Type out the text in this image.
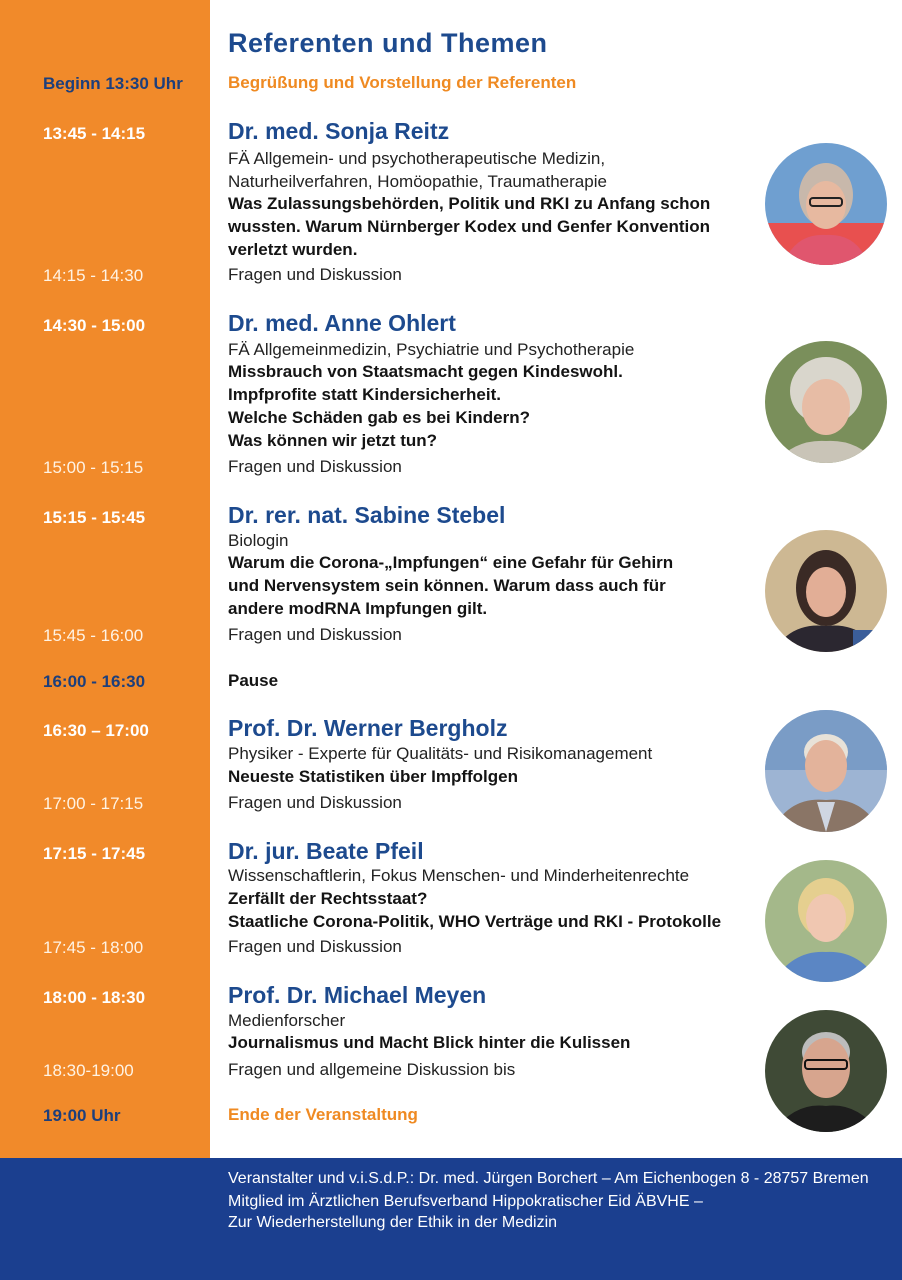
Referenten und Themen
Beginn 13:30 Uhr	Begrüßung und Vorstellung der Referenten
13:45 - 14:15	Dr. med. Sonja Reitz
FÄ Allgemein- und psychotherapeutische Medizin,
Naturheilverfahren, Homöopathie, Traumatherapie
Was Zulassungsbehörden, Politik und RKI zu Anfang schon
wussten. Warum Nürnberger Kodex und Genfer Konvention
verletzt wurden.
14:15 - 14:30	Fragen und Diskussion
14:30 - 15:00	Dr. med. Anne Ohlert
FÄ Allgemeinmedizin, Psychiatrie und Psychotherapie
Missbrauch von Staatsmacht gegen Kindeswohl.
Impfprofite statt Kindersicherheit.
Welche Schäden gab es bei Kindern?
Was können wir jetzt tun?
15:00 - 15:15	Fragen und Diskussion
15:15 - 15:45	Dr. rer. nat. Sabine Stebel
Biologin
Warum die Corona-„Impfungen“ eine Gefahr für Gehirn
und Nervensystem sein können. Warum dass auch für
andere modRNA Impfungen gilt.
15:45 - 16:00	Fragen und Diskussion
16:00 - 16:30	Pause
16:30 – 17:00	Prof. Dr. Werner Bergholz
Physiker - Experte für Qualitäts- und Risikomanagement
Neueste Statistiken über Impffolgen
17:00 - 17:15	Fragen und Diskussion
17:15 - 17:45	Dr. jur. Beate Pfeil
Wissenschaftlerin, Fokus Menschen- und Minderheitenrechte
Zerfällt der Rechtsstaat?
Staatliche Corona-Politik, WHO Verträge und RKI - Protokolle
17:45 - 18:00	Fragen und Diskussion
18:00 - 18:30	Prof. Dr. Michael Meyen
Medienforscher
Journalismus und Macht Blick hinter die Kulissen
18:30-19:00	Fragen und allgemeine Diskussion bis
19:00 Uhr	Ende der Veranstaltung
Veranstalter und v.i.S.d.P.: Dr. med. Jürgen Borchert – Am Eichenbogen 8 - 28757 Bremen
Mitglied im Ärztlichen Berufsverband Hippokratischer Eid ÄBVHE –
Zur Wiederherstellung der Ethik in der Medizin
